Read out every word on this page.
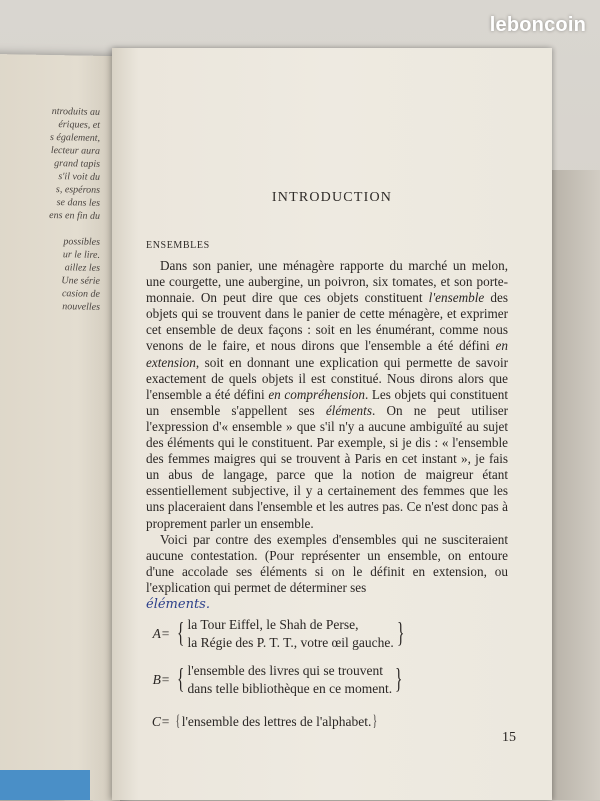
ntroduits au
ériques, et
s également,
lecteur aura
grand tapis
s'il voit du
s, espérons
se dans les
ens en fin du
possibles
ur le lire.
aillez les
Une série
casion de
nouvelles
INTRODUCTION
ENSEMBLES

Dans son panier, une ménagère rapporte du marché un melon, une courgette, une aubergine, un poivron, six tomates, et son porte-monnaie. On peut dire que ces objets constituent l'ensemble des objets qui se trouvent dans le panier de cette ménagère, et exprimer cet ensemble de deux façons : soit en les énumérant, comme nous venons de le faire, et nous dirons que l'ensemble a été défini en extension, soit en donnant une explication qui permette de savoir exactement de quels objets il est constitué. Nous dirons alors que l'ensemble a été défini en compréhension. Les objets qui constituent un ensemble s'appellent ses éléments. On ne peut utiliser l'expression d'« ensemble » que s'il n'y a aucune ambiguïté au sujet des éléments qui le constituent. Par exemple, si je dis : « l'ensemble des femmes maigres qui se trouvent à Paris en cet instant », je fais un abus de langage, parce que la notion de maigreur étant essentiellement subjective, il y a certainement des femmes que les uns placeraient dans l'ensemble et les autres pas. Ce n'est donc pas à proprement parler un ensemble.

Voici par contre des exemples d'ensembles qui ne susciteraient aucune contestation. (Pour représenter un ensemble, on entoure d'une accolade ses éléments si on le définit en extension, ou l'explication qui permet de déterminer ses
éléments.

A= { la Tour Eiffel, le Shah de Perse,
la Régie des P. T. T., votre œil gauche. }
B= { l'ensemble des livres qui se trouvent
dans telle bibliothèque en ce moment. }
C= { l'ensemble des lettres de l'alphabet. }
15
leboncoin
